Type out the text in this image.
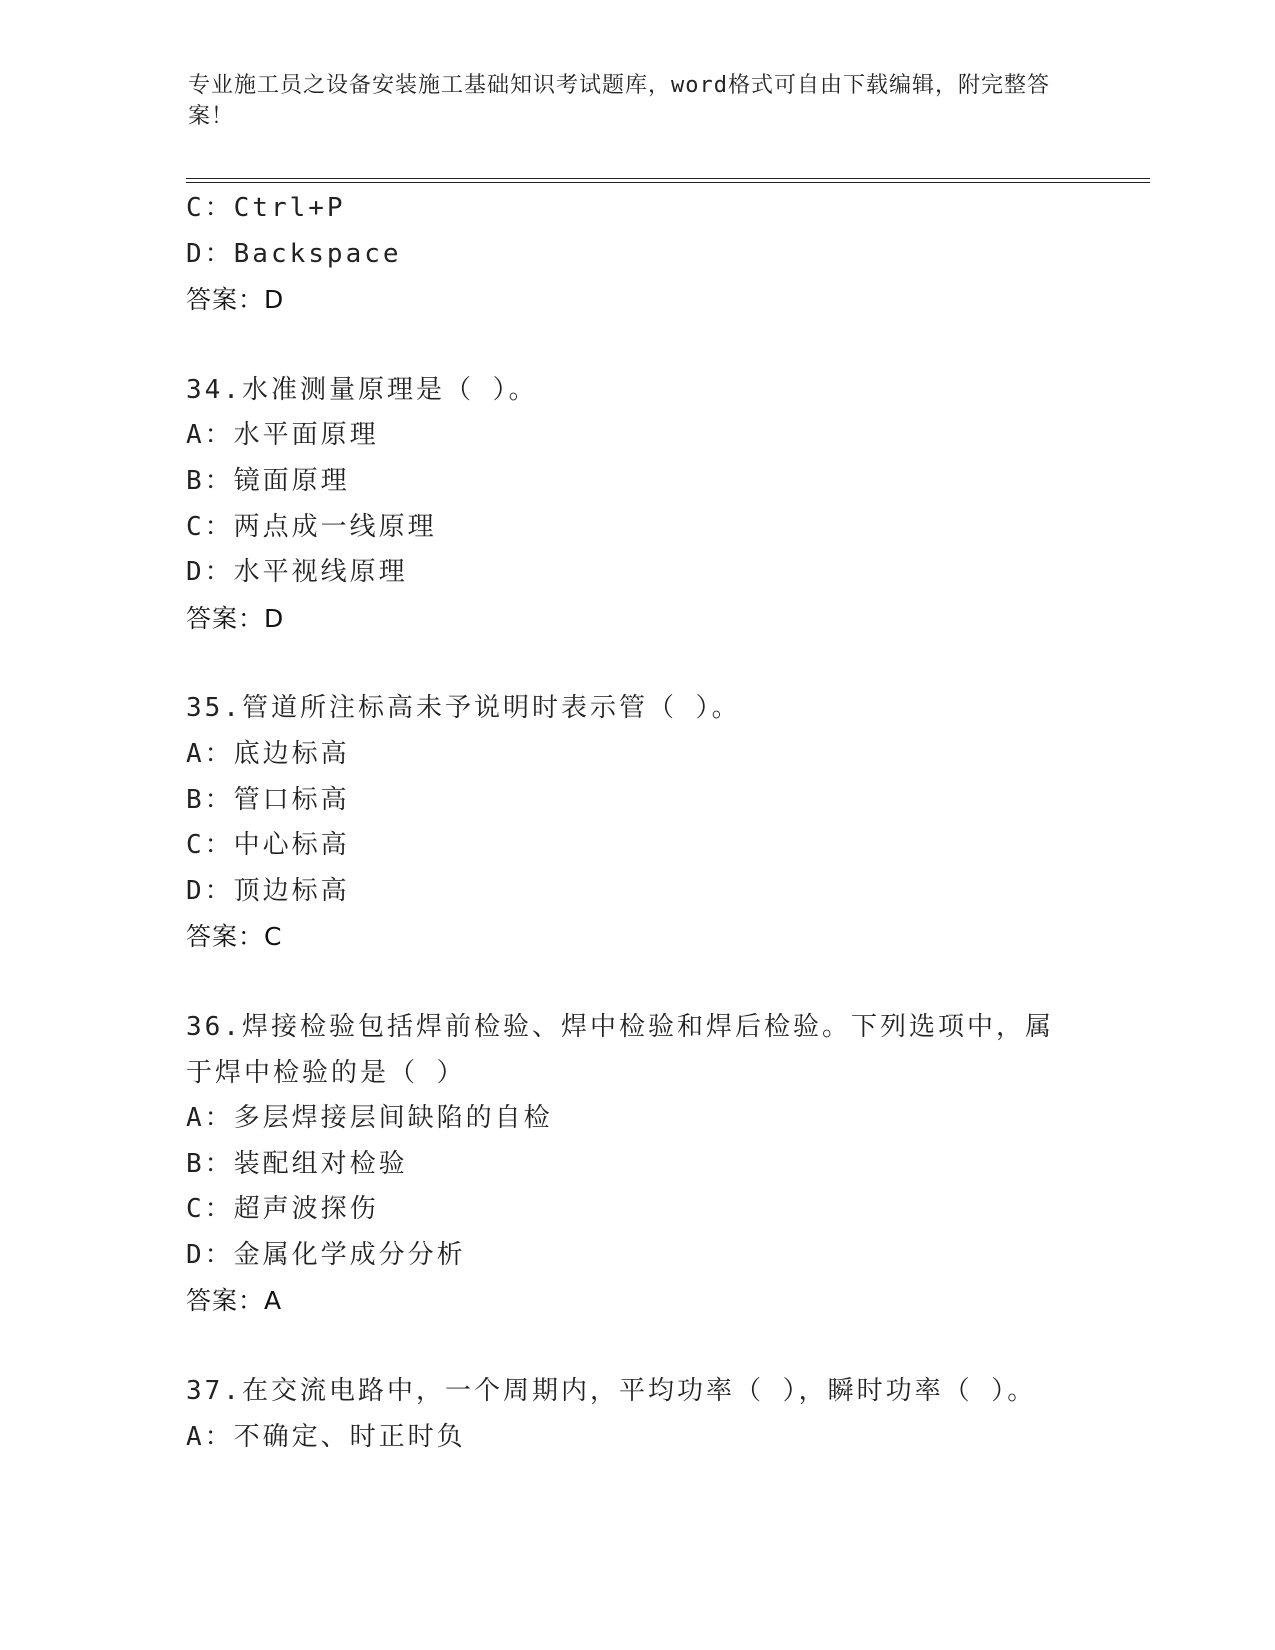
专业施工员之设备安装施工基础知识考试题库，word格式可自由下载编辑，附完整答案！
C：Ctrl+P
D：Backspace
答案：D
34.水准测量原理是（ ）。
A：水平面原理
B：镜面原理
C：两点成一线原理
D：水平视线原理
答案：D
35.管道所注标高未予说明时表示管（ ）。
A：底边标高
B：管口标高
C：中心标高
D：顶边标高
答案：C
36.焊接检验包括焊前检验、焊中检验和焊后检验。下列选项中，属于焊中检验的是（ ）
A：多层焊接层间缺陷的自检
B：装配组对检验
C：超声波探伤
D：金属化学成分分析
答案：A
37.在交流电路中，一个周期内，平均功率（ ），瞬时功率（ ）。
A：不确定、时正时负
